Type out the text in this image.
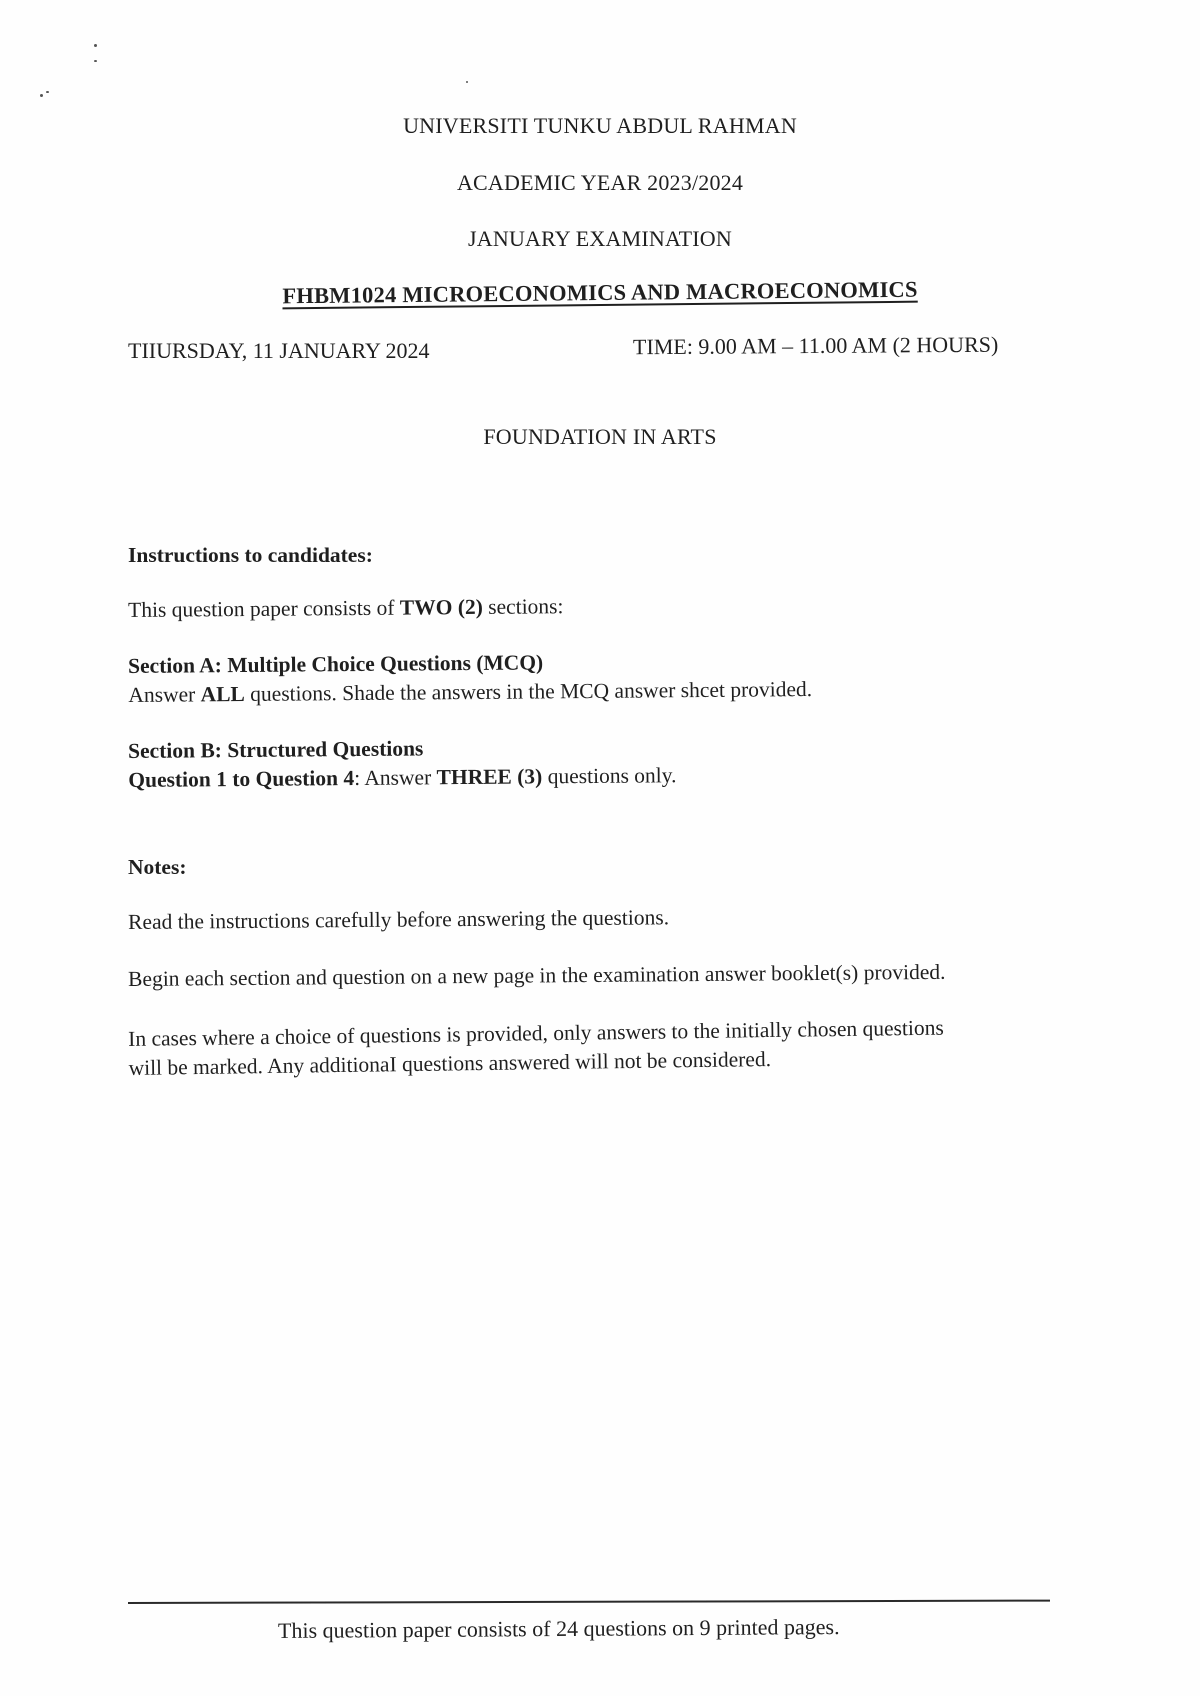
UNIVERSITI TUNKU ABDUL RAHMAN
ACADEMIC YEAR 2023/2024
JANUARY EXAMINATION
FHBM1024 MICROECONOMICS AND MACROECONOMICS
TIIURSDAY, 11 JANUARY 2024	TIME: 9.00 AM – 11.00 AM (2 HOURS)
FOUNDATION IN ARTS
Instructions to candidates:
This question paper consists of TWO (2) sections:
Section A: Multiple Choice Questions (MCQ)
Answer ALL questions. Shade the answers in the MCQ answer shcet provided.
Section B: Structured Questions
Question 1 to Question 4: Answer THREE (3) questions only.
Notes:
Read the instructions carefully before answering the questions.
Begin each section and question on a new page in the examination answer booklet(s) provided.
In cases where a choice of questions is provided, only answers to the initially chosen questions
will be marked. Any additionaI questions answered will not be considered.
This question paper consists of 24 questions on 9 printed pages.
